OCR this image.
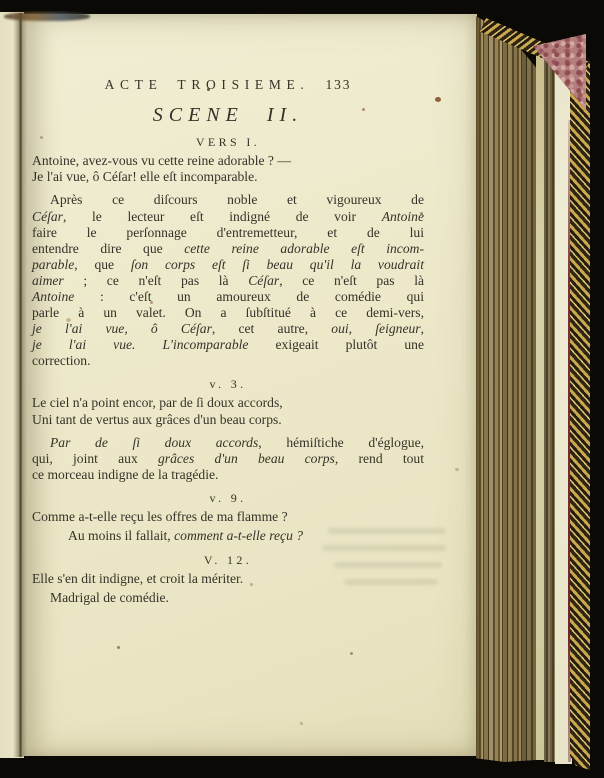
ACTE TROISIEME. 133
SCENE II.
VERS I.
Antoine, avez-vous vu cette reine adorable ? —
Je l'ai vue, ô Céſar! elle eſt incomparable.
Après ce diſcours noble et vigoureux de
Céſar, le lecteur eſt indigné de voir Antoine
faire le perſonnage d'entremetteur, et de lui
entendre dire que cette reine adorable eſt incom-
parable, que ſon corps eſt ſi beau qu'il la voudrait
aimer ; ce n'eſt pas là Céſar, ce n'eſt pas là
Antoine : c'eſt un amoureux de comédie qui
parle à un valet. On a ſubſtitué à ce demi-vers,
je l'ai vue, ô Céſar, cet autre, oui, ſeigneur,
je l'ai vue. L'incomparable exigeait plutôt une
correction.
v. 3.
Le ciel n'a point encor, par de ſi doux accords,
Uni tant de vertus aux grâces d'un beau corps.
Par de ſi doux accords, hémiſtiche d'églogue,
qui, joint aux grâces d'un beau corps, rend tout
ce morceau indigne de la tragédie.
v. 9.
Comme a-t-elle reçu les offres de ma flamme ?
Au moins il fallait, comment a-t-elle reçu ?
V. 12.
Elle s'en dit indigne, et croit la mériter.
Madrigal de comédie.
